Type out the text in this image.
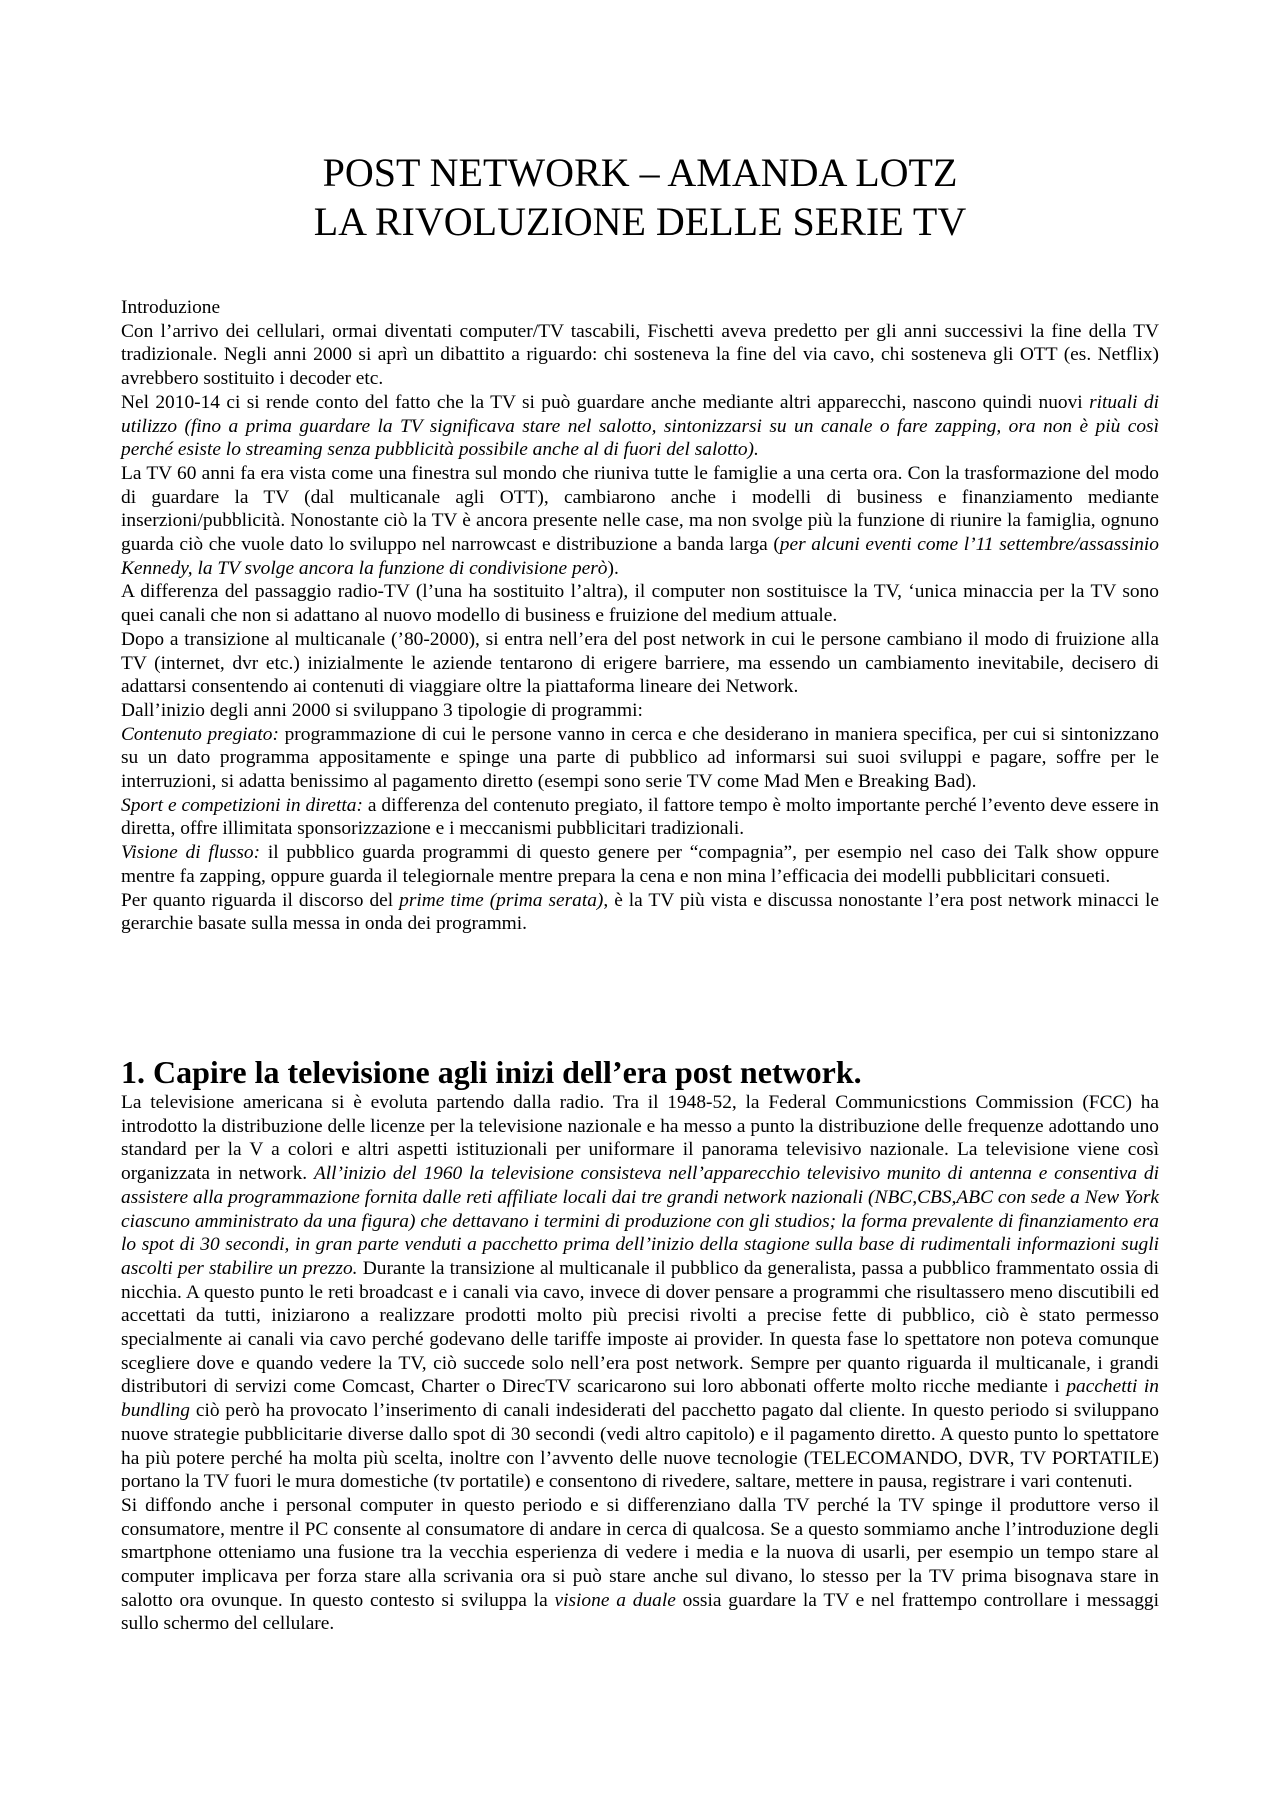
POST NETWORK – AMANDA LOTZ
LA RIVOLUZIONE DELLE SERIE TV

Introduzione

Con l’arrivo dei cellulari, ormai diventati computer/TV tascabili, Fischetti aveva predetto per gli anni successivi la fine della TV tradizionale. Negli anni 2000 si aprì un dibattito a riguardo: chi sosteneva la fine del via cavo, chi sosteneva gli OTT (es. Netflix) avrebbero sostituito i decoder etc.

Nel 2010-14 ci si rende conto del fatto che la TV si può guardare anche mediante altri apparecchi, nascono quindi nuovi rituali di utilizzo (fino a prima guardare la TV significava stare nel salotto, sintonizzarsi su un canale o fare zapping, ora non è più così perché esiste lo streaming senza pubblicità possibile anche al di fuori del salotto).

La TV 60 anni fa era vista come una finestra sul mondo che riuniva tutte le famiglie a una certa ora. Con la trasformazione del modo di guardare la TV (dal multicanale agli OTT), cambiarono anche i modelli di business e finanziamento mediante inserzioni/pubblicità. Nonostante ciò la TV è ancora presente nelle case, ma non svolge più la funzione di riunire la famiglia, ognuno guarda ciò che vuole dato lo sviluppo nel narrowcast e distribuzione a banda larga (per alcuni eventi come l’11 settembre/assassinio Kennedy, la TV svolge ancora la funzione di condivisione però).

A differenza del passaggio radio-TV (l’una ha sostituito l’altra), il computer non sostituisce la TV, ‘unica minaccia per la TV sono quei canali che non si adattano al nuovo modello di business e fruizione del medium attuale.

Dopo a transizione al multicanale (’80-2000), si entra nell’era del post network in cui le persone cambiano il modo di fruizione alla TV (internet, dvr etc.) inizialmente le aziende tentarono di erigere barriere, ma essendo un cambiamento inevitabile, decisero di adattarsi consentendo ai contenuti di viaggiare oltre la piattaforma lineare dei Network.

Dall’inizio degli anni 2000 si sviluppano 3 tipologie di programmi:

Contenuto pregiato: programmazione di cui le persone vanno in cerca e che desiderano in maniera specifica, per cui si sintonizzano su un dato programma appositamente e spinge una parte di pubblico ad informarsi sui suoi sviluppi e pagare, soffre per le interruzioni, si adatta benissimo al pagamento diretto (esempi sono serie TV come Mad Men e Breaking Bad).

Sport e competizioni in diretta: a differenza del contenuto pregiato, il fattore tempo è molto importante perché l’evento deve essere in diretta, offre illimitata sponsorizzazione e i meccanismi pubblicitari tradizionali.

Visione di flusso: il pubblico guarda programmi di questo genere per “compagnia”, per esempio nel caso dei Talk show oppure mentre fa zapping, oppure guarda il telegiornale mentre prepara la cena e non mina l’efficacia dei modelli pubblicitari consueti.

Per quanto riguarda il discorso del prime time (prima serata), è la TV più vista e discussa nonostante l’era post network minacci le gerarchie basate sulla messa in onda dei programmi.

1. Capire la televisione agli inizi dell’era post network.

La televisione americana si è evoluta partendo dalla radio. Tra il 1948-52, la Federal Communicstions Commission (FCC) ha introdotto la distribuzione delle licenze per la televisione nazionale e ha messo a punto la distribuzione delle frequenze adottando uno standard per la V a colori e altri aspetti istituzionali per uniformare il panorama televisivo nazionale. La televisione viene così organizzata in network. All’inizio del 1960 la televisione consisteva nell’apparecchio televisivo munito di antenna e consentiva di assistere alla programmazione fornita dalle reti affiliate locali dai tre grandi network nazionali (NBC,CBS,ABC con sede a New York ciascuno amministrato da una figura) che dettavano i termini di produzione con gli studios; la forma prevalente di finanziamento era lo spot di 30 secondi, in gran parte venduti a pacchetto prima dell’inizio della stagione sulla base di rudimentali informazioni sugli ascolti per stabilire un prezzo. Durante la transizione al multicanale il pubblico da generalista, passa a pubblico frammentato ossia di nicchia. A questo punto le reti broadcast e i canali via cavo, invece di dover pensare a programmi che risultassero meno discutibili ed accettati da tutti, iniziarono a realizzare prodotti molto più precisi rivolti a precise fette di pubblico, ciò è stato permesso specialmente ai canali via cavo perché godevano delle tariffe imposte ai provider. In questa fase lo spettatore non poteva comunque scegliere dove e quando vedere la TV, ciò succede solo nell’era post network. Sempre per quanto riguarda il multicanale, i grandi distributori di servizi come Comcast, Charter o DirecTV scaricarono sui loro abbonati offerte molto ricche mediante i pacchetti in bundling ciò però ha provocato l’inserimento di canali indesiderati del pacchetto pagato dal cliente. In questo periodo si sviluppano nuove strategie pubblicitarie diverse dallo spot di 30 secondi (vedi altro capitolo) e il pagamento diretto. A questo punto lo spettatore ha più potere perché ha molta più scelta, inoltre con l’avvento delle nuove tecnologie (TELECOMANDO, DVR, TV PORTATILE) portano la TV fuori le mura domestiche (tv portatile) e consentono di rivedere, saltare, mettere in pausa, registrare i vari contenuti.

Si diffondo anche i personal computer in questo periodo e si differenziano dalla TV perché la TV spinge il produttore verso il consumatore, mentre il PC consente al consumatore di andare in cerca di qualcosa. Se a questo sommiamo anche l’introduzione degli smartphone otteniamo una fusione tra la vecchia esperienza di vedere i media e la nuova di usarli, per esempio un tempo stare al computer implicava per forza stare alla scrivania ora si può stare anche sul divano, lo stesso per la TV prima bisognava stare in salotto ora ovunque. In questo contesto si sviluppa la visione a duale ossia guardare la TV e nel frattempo controllare i messaggi sullo schermo del cellulare.
